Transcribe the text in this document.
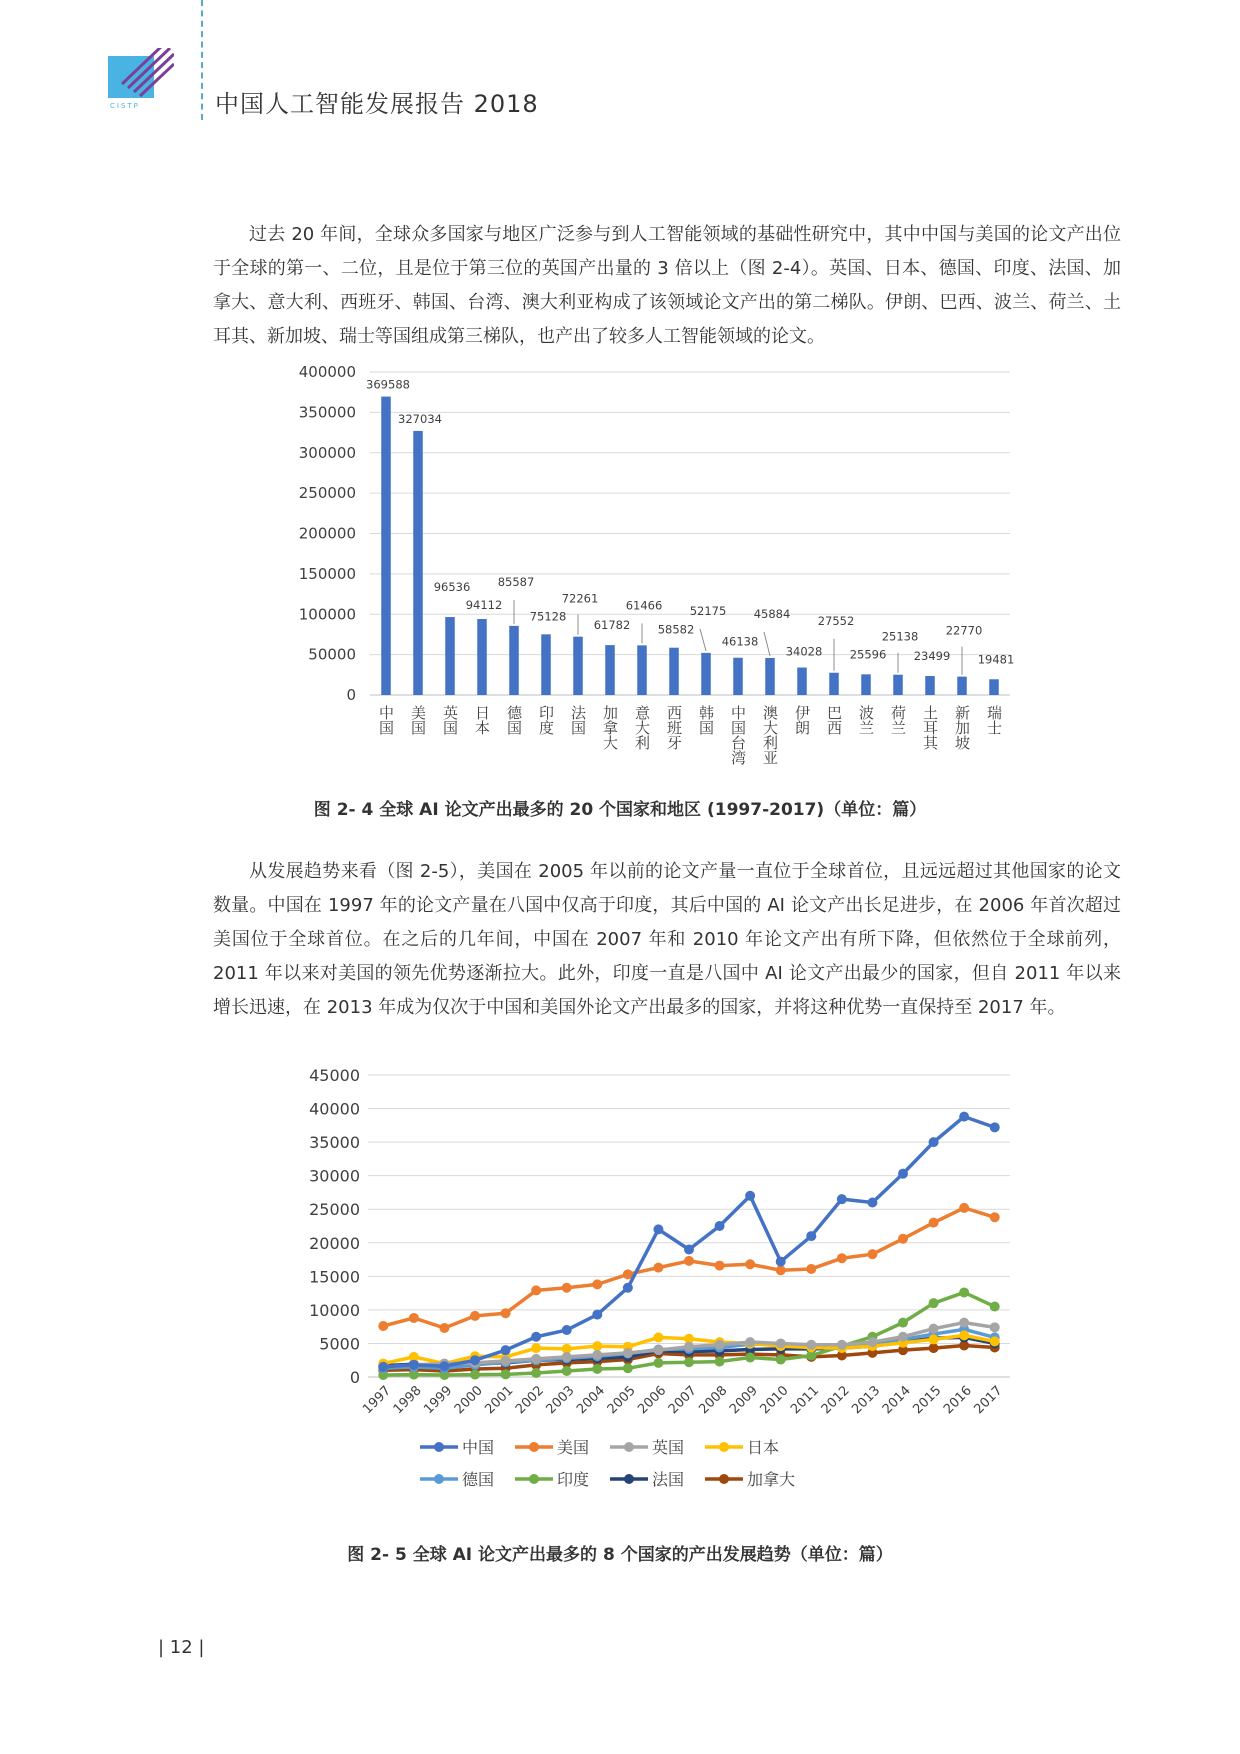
CISTP	中国人工智能发展报告 2018

过去 20 年间，全球众多国家与地区广泛参与到人工智能领域的基础性研究中，其中中国与美国的论文产出位于全球的第一、二位，且是位于第三位的英国产出量的 3 倍以上（图 2-4）。英国、日本、德国、印度、法国、加拿大、意大利、西班牙、韩国、台湾、澳大利亚构成了该领域论文产出的第二梯队。伊朗、巴西、波兰、荷兰、土耳其、新加坡、瑞士等国组成第三梯队，也产出了较多人工智能领域的论文。

0
50000
100000
150000
200000
250000
300000
350000
400000
369588
中国
327034
美国
96536
英国
94112
日本
85587
德国
75128
印度
72261
法国
61782
加拿大
61466
意大利
58582
西班牙
52175
韩国
46138
中国台湾
45884
澳大利亚
34028
伊朗
27552
巴西
25596
波兰
25138
荷兰
23499
土耳其
22770
新加坡
19481
瑞士
图 2- 4 全球 AI 论文产出最多的 20 个国家和地区 (1997-2017)（单位：篇）

从发展趋势来看（图 2-5），美国在 2005 年以前的论文产量一直位于全球首位，且远远超过其他国家的论文数量。中国在 1997 年的论文产量在八国中仅高于印度，其后中国的 AI 论文产出长足进步，在 2006 年首次超过美国位于全球首位。在之后的几年间，中国在 2007 年和 2010 年论文产出有所下降，但依然位于全球前列，2011 年以来对美国的领先优势逐渐拉大。此外，印度一直是八国中 AI 论文产出最少的国家，但自 2011 年以来增长迅速，在 2013 年成为仅次于中国和美国外论文产出最多的国家，并将这种优势一直保持至 2017 年。

0
5000
10000
15000
20000
25000
30000
35000
40000
45000
1997
1998
1999
2000
2001
2002
2003
2004
2005
2006
2007
2008
2009
2010
2011
2012
2013
2014
2015
2016
2017
中国	美国	英国	日本
德国	印度	法国	加拿大
图 2- 5 全球 AI 论文产出最多的 8 个国家的产出发展趋势（单位：篇）
| 12 |
